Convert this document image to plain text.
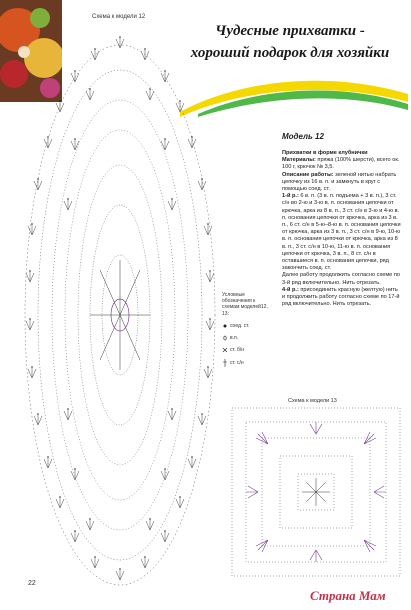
Схема к модели 12
Чудесные прихватки -
хороший подарок для хозяйки
Модель 12

Прихватки в форме клубнички

Материалы: пряжа (100% шерсти), всего ок. 100 г, крючок № 3,5.

Описание работы: зеленой нитью набрать цепочку из 16 в. п. и замкнуть в круг с помощью соед. ст.

1-й р.: 6 в. п. (3 в. п. подъема + 3 в. п.), 3 ст. с/н во 2-ю и 3-ю в. п. основания цепочки от крючка, арка из 8 в. п., 3 ст. с/н в 3-ю и 4-ю в. п. основания цепочки от крючка, арка из 3 в. п., 6 ст. с/н в 5-ю–8-ю в. п. основания цепочки от крючка, арка из 3 в. п., 3 ст. с/н в 9-ю, 10-ю в. п. основания цепочки от крючка, арка из 8 в. п., 3 ст. с/н в 10-ю, 11-ю в. п. основания цепочки от крючка, 3 в. п., 8 ст. с/н в оставшиеся в. п. основания цепочки, ряд закончить соед. ст.

Далее работу продолжить согласно схеме по 3-й ряд включительно. Нить отрезать.

4-й р.: присоединить красную (желтую) нить и продолжить работу согласно схеме по 17-й ряд включительно. Нить отрезать.

Условные обозначения к схемам моделей12, 13:
соед. ст.
в.п.
ст. б/н
ст. с/н
Схема к модели 13
22
Страна Мам
